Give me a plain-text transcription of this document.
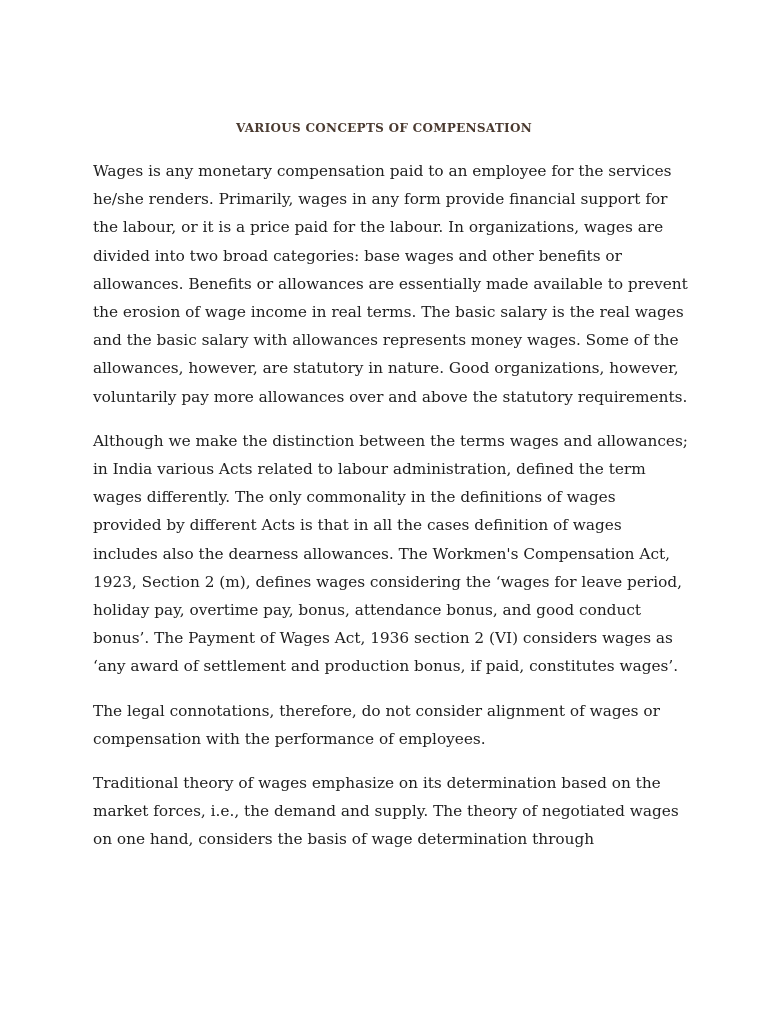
VARIOUS CONCEPTS OF COMPENSATION

Wages is any monetary compensation paid to an employee for the services he/she renders. Primarily, wages in any form provide financial support for the labour, or it is a price paid for the labour. In organizations, wages are divided into two broad categories: base wages and other benefits or allowances. Benefits or allowances are essentially made available to prevent the erosion of wage income in real terms. The basic salary is the real wages and the basic salary with allowances represents money wages. Some of the allowances, however, are statutory in nature. Good organizations, however, voluntarily pay more allowances over and above the statutory requirements.

Although we make the distinction between the terms wages and allowances; in India various Acts related to labour administration, defined the term wages differently. The only commonality in the definitions of wages provided by different Acts is that in all the cases definition of wages includes also the dearness allowances. The Workmen's Compensation Act, 1923, Section 2 (m), defines wages considering the ‘wages for leave period, holiday pay, overtime pay, bonus, attendance bonus, and good conduct bonus’. The Payment of Wages Act, 1936 section 2 (VI) considers wages as ‘any award of settlement and production bonus, if paid, constitutes wages’.

The legal connotations, therefore, do not consider alignment of wages or compensation with the performance of employees.

Traditional theory of wages emphasize on its determination based on the market forces, i.e., the demand and supply. The theory of negotiated wages on one hand, considers the basis of wage determination through
